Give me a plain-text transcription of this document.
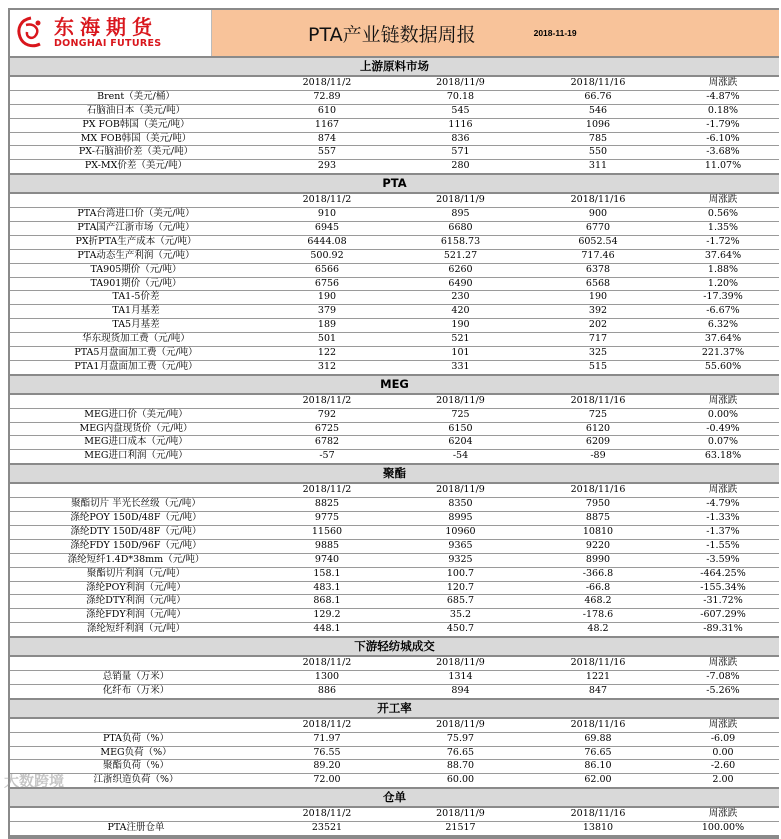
东海期货
DONGHAI FUTURES	PTA产业链数据周报	2018-11-19
上游原料市场
2018/11/2	2018/11/9	2018/11/16	周涨跌
Brent（美元/桶）	72.89	70.18	66.76	-4.87%
石脑油日本（美元/吨）	610	545	546	0.18%
PX FOB韩国（美元/吨）	1167	1116	1096	-1.79%
MX FOB韩国（美元/吨）	874	836	785	-6.10%
PX-石脑油价差（美元/吨）	557	571	550	-3.68%
PX-MX价差（美元/吨）	293	280	311	11.07%
PTA
2018/11/2	2018/11/9	2018/11/16	周涨跌
PTA台湾进口价（美元/吨）	910	895	900	0.56%
PTA国产江浙市场（元/吨）	6945	6680	6770	1.35%
PX折PTA生产成本（元/吨）	6444.08	6158.73	6052.54	-1.72%
PTA动态生产利润（元/吨）	500.92	521.27	717.46	37.64%
TA905期价（元/吨）	6566	6260	6378	1.88%
TA901期价（元/吨）	6756	6490	6568	1.20%
TA1-5价差	190	230	190	-17.39%
TA1月基差	379	420	392	-6.67%
TA5月基差	189	190	202	6.32%
华东现货加工费（元/吨）	501	521	717	37.64%
PTA5月盘面加工费（元/吨）	122	101	325	221.37%
PTA1月盘面加工费（元/吨）	312	331	515	55.60%
MEG
2018/11/2	2018/11/9	2018/11/16	周涨跌
MEG进口价（美元/吨）	792	725	725	0.00%
MEG内盘现货价（元/吨）	6725	6150	6120	-0.49%
MEG进口成本（元/吨）	6782	6204	6209	0.07%
MEG进口利润（元/吨）	-57	-54	-89	63.18%
聚酯
2018/11/2	2018/11/9	2018/11/16	周涨跌
聚酯切片 半光长丝级（元/吨）	8825	8350	7950	-4.79%
涤纶POY 150D/48F（元/吨）	9775	8995	8875	-1.33%
涤纶DTY 150D/48F（元/吨）	11560	10960	10810	-1.37%
涤纶FDY 150D/96F（元/吨）	9885	9365	9220	-1.55%
涤纶短纤1.4D*38mm（元/吨）	9740	9325	8990	-3.59%
聚酯切片利润（元/吨）	158.1	100.7	-366.8	-464.25%
涤纶POY利润（元/吨）	483.1	120.7	-66.8	-155.34%
涤纶DTY利润（元/吨）	868.1	685.7	468.2	-31.72%
涤纶FDY利润（元/吨）	129.2	35.2	-178.6	-607.29%
涤纶短纤利润（元/吨）	448.1	450.7	48.2	-89.31%
下游轻纺城成交
2018/11/2	2018/11/9	2018/11/16	周涨跌
总销量（万米）	1300	1314	1221	-7.08%
化纤布（万米）	886	894	847	-5.26%
开工率
2018/11/2	2018/11/9	2018/11/16	周涨跌
PTA负荷（%）	71.97	75.97	69.88	-6.09
MEG负荷（%）	76.55	76.65	76.65	0.00
聚酯负荷（%）	89.20	88.70	86.10	-2.60
江浙织造负荷（%）	72.00	60.00	62.00	2.00
仓单
2018/11/2	2018/11/9	2018/11/16	周涨跌
PTA注册仓单	23521	21517	13810	100.00%
大数跨境
